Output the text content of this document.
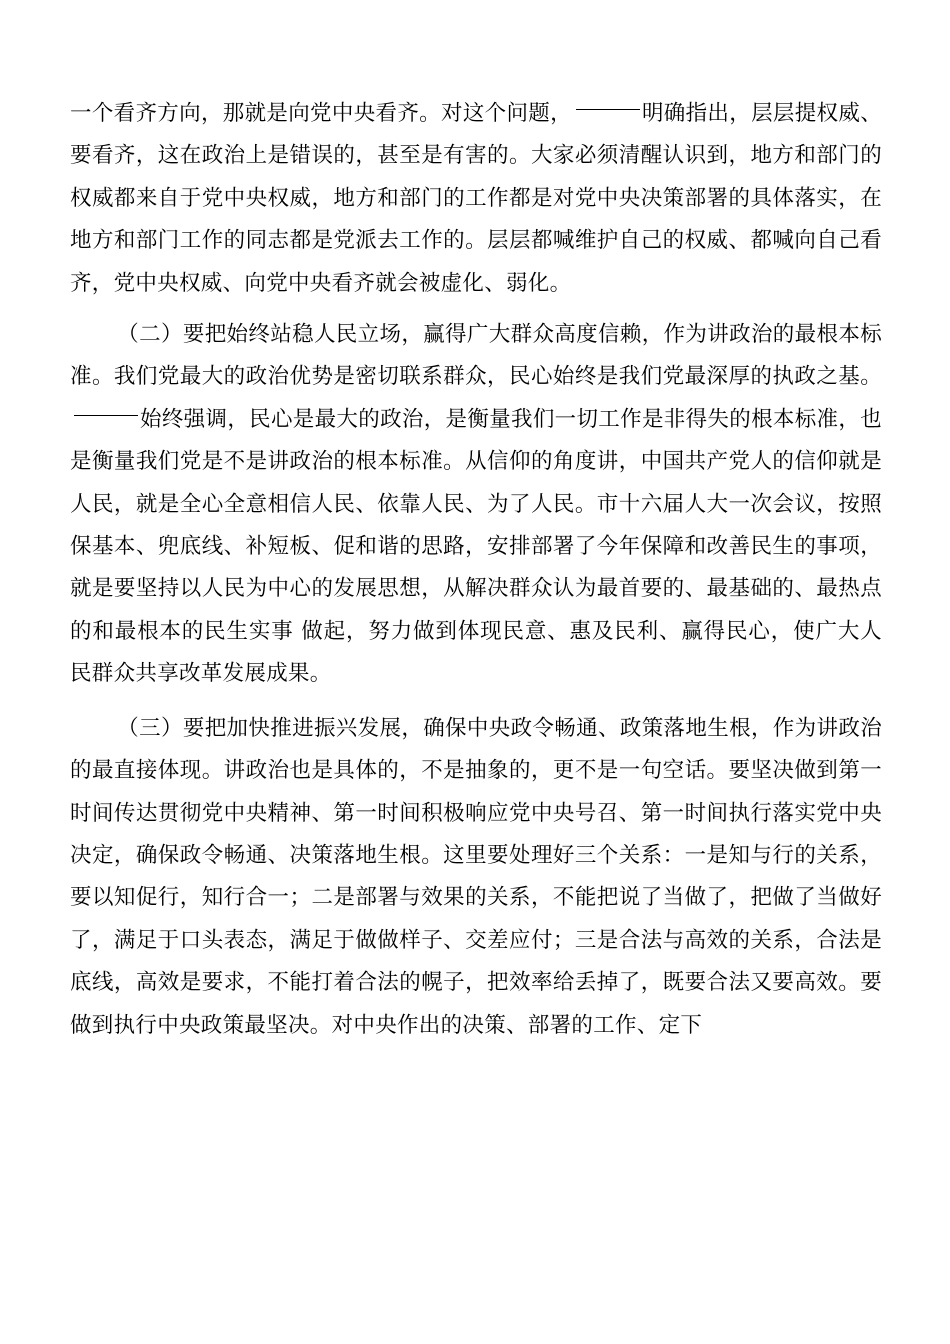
一个看齐方向，那就是向党中央看齐。对这个问题，	明确指出，层层提权威、要看齐，这在政治上是错误的，甚至是有害的。大家必须清醒认识到，地方和部门的权威都来自于党中央权威，地方和部门的工作都是对党中央决策部署的具体落实，在地方和部门工作的同志都是党派去工作的。层层都喊维护自己的权威、都喊向自己看齐，党中央权威、向党中央看齐就会被虚化、弱化。

（二）要把始终站稳人民立场，赢得广大群众高度信赖，作为讲政治的最根本标准。我们党最大的政治优势是密切联系群众，民心始终是我们党最深厚的执政之基。始终强调，民心是最大的政治，是衡量我们一切工作是非得失的根本标准，也是衡量我们党是不是讲政治的根本标准。从信仰的角度讲，中国共产党人的信仰就是人民，就是全心全意相信人民、依靠人民、为了人民。市十六届人大一次会议，按照保基本、兜底线、补短板、促和谐的思路，安排部署了今年保障和改善民生的事项，就是要坚持以人民为中心的发展思想，从解决群众认为最首要的、最基础的、最热点的和最根本的民生实事 做起，努力做到体现民意、惠及民利、赢得民心，使广大人民群众共享改革发展成果。

（三）要把加快推进振兴发展，确保中央政令畅通、政策落地生根，作为讲政治的最直接体现。讲政治也是具体的，不是抽象的，更不是一句空话。要坚决做到第一时间传达贯彻党中央精神、第一时间积极响应党中央号召、第一时间执行落实党中央决定，确保政令畅通、决策落地生根。这里要处理好三个关系：一是知与行的关系，要以知促行，知行合一；二是部署与效果的关系，不能把说了当做了，把做了当做好了，满足于口头表态，满足于做做样子、交差应付；三是合法与高效的关系，合法是底线，高效是要求，不能打着合法的幌子，把效率给丢掉了，既要合法又要高效。要做到执行中央政策最坚决。对中央作出的决策、部署的工作、定下
